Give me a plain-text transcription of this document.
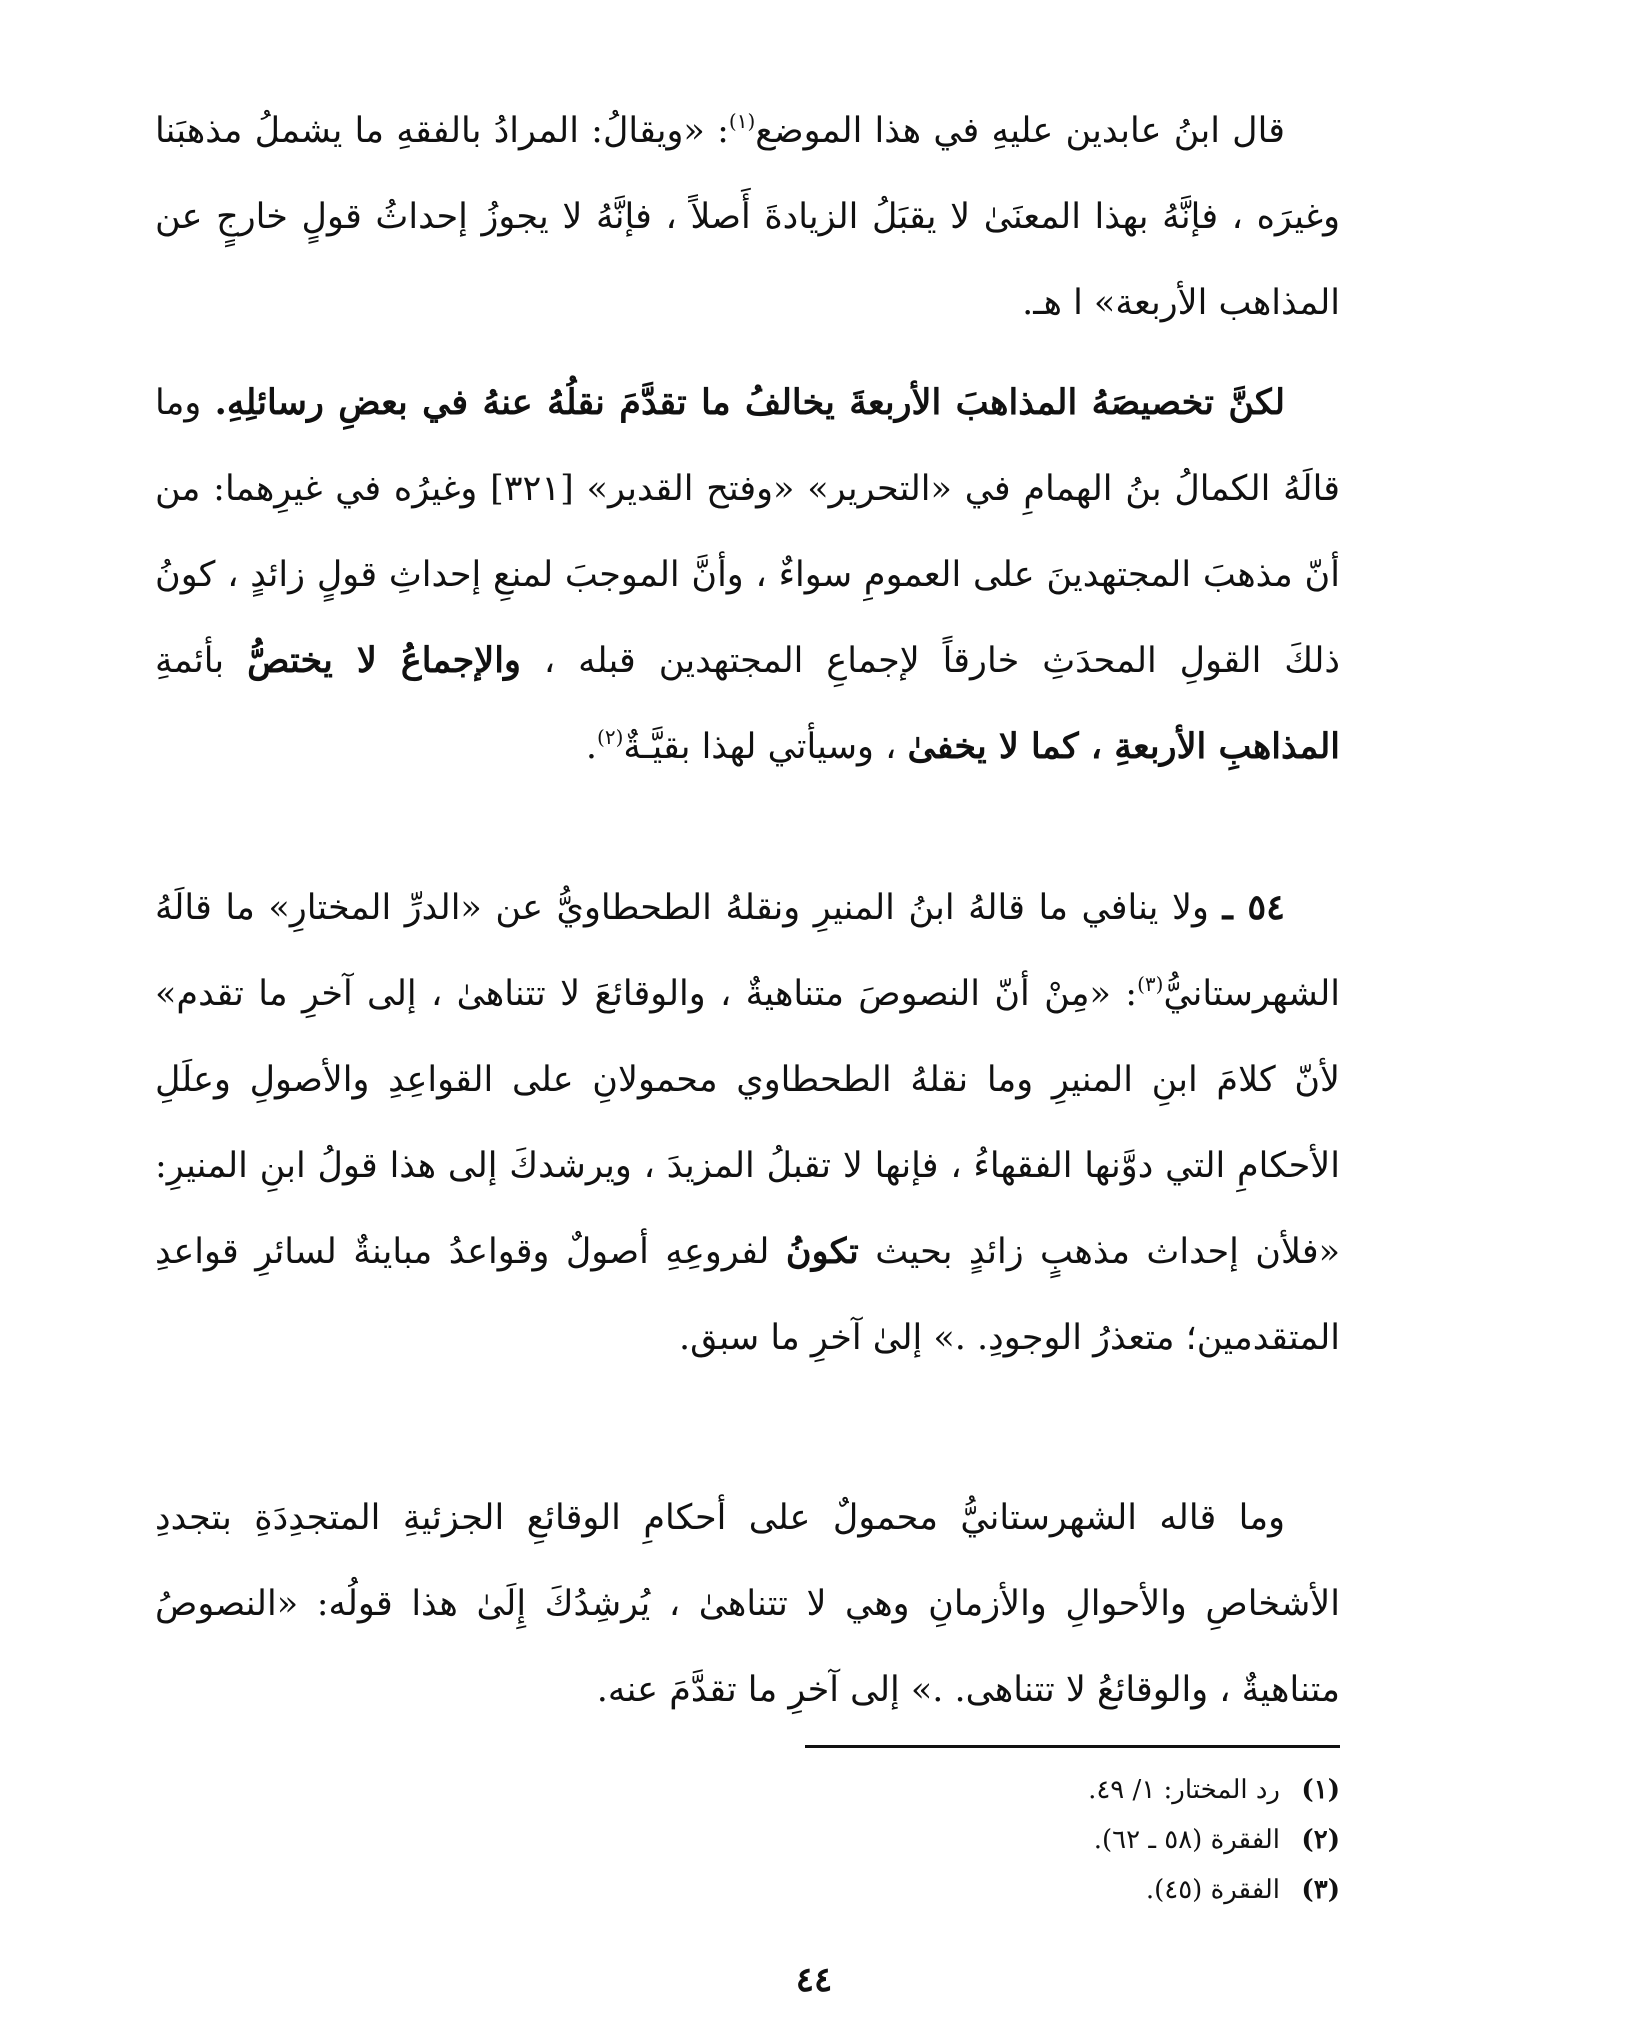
قال ابنُ عابدين عليهِ في هذا الموضع$^{(١)}$: «ويقالُ: المرادُ بالفقهِ ما يشملُ مذهبَنا وغيرَه ، فإنَّهُ بهذا المعنَىٰ لا يقبَلُ الزيادةَ أَصلاً ، فإنَّهُ لا يجوزُ إحداثُ قولٍ خارجٍ عن المذاهب الأربعة» ا هـ.

لكنَّ تخصيصَهُ المذاهبَ الأربعةَ يخالفُ ما تقدَّمَ نقلُهُ عنهُ في بعضِ رسائلِهِ. وما قالَهُ الكمالُ بنُ الهمامِ في «التحرير» «وفتح القدير» [٣٢١] وغيرُه في غيرِهما: من أنّ مذهبَ المجتهدينَ على العمومِ سواءٌ ، وأنَّ الموجبَ لمنعِ إحداثِ قولٍ زائدٍ ، كونُ ذلكَ القولِ المحدَثِ خارقاً لإجماعِ المجتهدين قبله ، والإجماعُ لا يختصُّ بأئمةِ المذاهبِ الأربعةِ ، كما لا يخفىٰ ، وسيأتي لهذا بقيَّـةٌ$^{(٢)}$.

٥٤ ـ ولا ينافي ما قالهُ ابنُ المنيرِ ونقلهُ الطحطاويُّ عن «الدرِّ المختارِ» ما قالَهُ الشهرستانيُّ$^{(٣)}$: «مِنْ أنّ النصوصَ متناهيةٌ ، والوقائعَ لا تتناهىٰ ، إلى آخرِ ما تقدم» لأنّ كلامَ ابنِ المنيرِ وما نقلهُ الطحطاوي محمولانِ على القواعِدِ والأصولِ وعلَلِ الأحكامِ التي دوَّنها الفقهاءُ ، فإنها لا تقبلُ المزيدَ ، ويرشدكَ إلى هذا قولُ ابنِ المنيرِ: «فلأن إحداث مذهبٍ زائدٍ بحيث تكونُ لفروعِهِ أصولٌ وقواعدُ مباينةٌ لسائرِ قواعدِ المتقدمين؛ متعذرُ الوجودِ. .» إلىٰ آخرِ ما سبق.

وما قاله الشهرستانيُّ محمولٌ على أحكامِ الوقائعِ الجزئيةِ المتجدِدَةِ بتجددِ الأشخاصِ والأحوالِ والأزمانِ وهي لا تتناهىٰ ، يُرشِدُكَ إِلَىٰ هذا قولُه: «النصوصُ متناهيةٌ ، والوقائعُ لا تتناهى. .» إلى آخرِ ما تقدَّمَ عنه.

(١)رد المختار: ١/ ٤٩.
(٢)الفقرة (٥٨ ـ ٦٢).
(٣)الفقرة (٤٥).
٤٤
